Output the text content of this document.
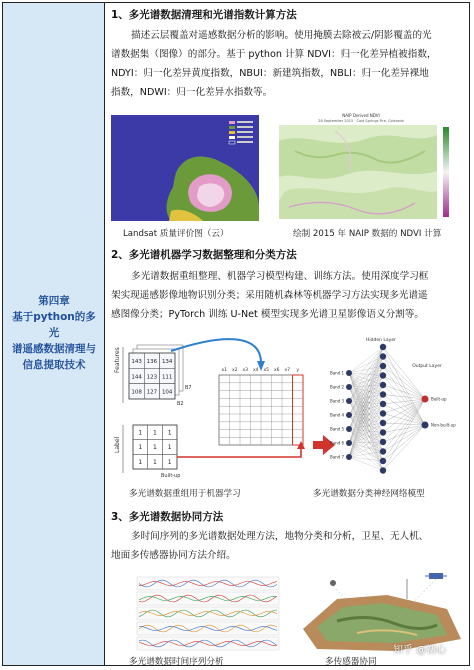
第四章
基于python的多光
谱遥感数据清理与
信息提取技术
1、多光谱数据清理和光谱指数计算方法
描述云层覆盖对遥感数据分析的影响。使用掩膜去除被云/阴影覆盖的光
谱数据集（图像）的部分。基于 python 计算 NDVI：归一化差异植被指数，
NDYI：归一化差异黄度指数，NBUI：新建筑指数，NBLI：归一化差异裸地
指数，NDWI：归一化差异水指数等。
NAIP Derived NDVI
28 September 2015 · Cold Springs Fire, Colorado
Landsat 质量评价图（云）	绘制 2015 年 NAIP 数据的 NDVI 计算
2、多光谱机器学习数据整理和分类方法
多光谱数据重组整理、机器学习模型构建、训练方法。使用深度学习框
架实现遥感影像地物识别分类；采用随机森林等机器学习方法实现多光谱遥
感图像分类；PyTorch 训练 U-Net 模型实现多光谱卫星影像语义分割等。
Features 143 136 134
144 123 111
108 127 104
B7
B2
Label
1 1 1
1 1 1
1 1 1
Built-up
x1 x2 x3 x4 x5 x6 x7 y
Hidden Layer
Output Layer
Band 1
Band 2
Band 3
Band 4
Band 5
Band 6
Band 7
Built-up
Non-built-up
多光谱数据重组用于机器学习	多光谱数据分类神经网络模型
3、多光谱数据协同方法
多时间序列的多光谱数据处理方法，地物分类和分析，卫星、无人机、
地面多传感器协同方法介绍。
多光谱数据时间序列分析	多传感器协同
知乎 @初心
